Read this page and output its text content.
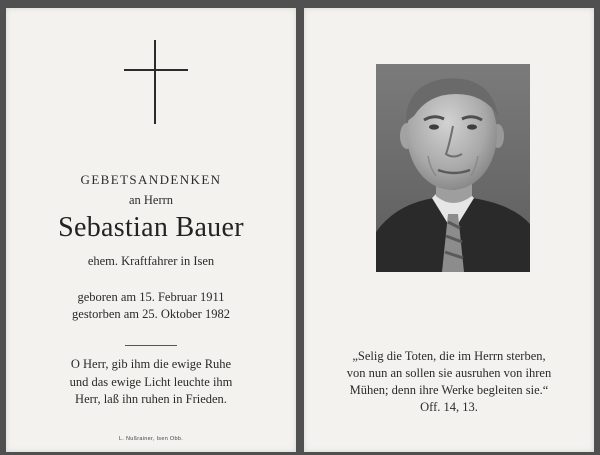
GEBETSANDENKEN
an Herrn
Sebastian Bauer
ehem. Kraftfahrer in Isen
geboren am 15. Februar 1911
gestorben am 25. Oktober 1982
O Herr, gib ihm die ewige Ruhe
und das ewige Licht leuchte ihm
Herr, laß ihn ruhen in Frieden.
L. Nußrainer, Isen Obb.
„Selig die Toten, die im Herrn sterben,
von nun an sollen sie ausruhen von ihren
Mühen; denn ihre Werke begleiten sie.“
Off. 14, 13.
